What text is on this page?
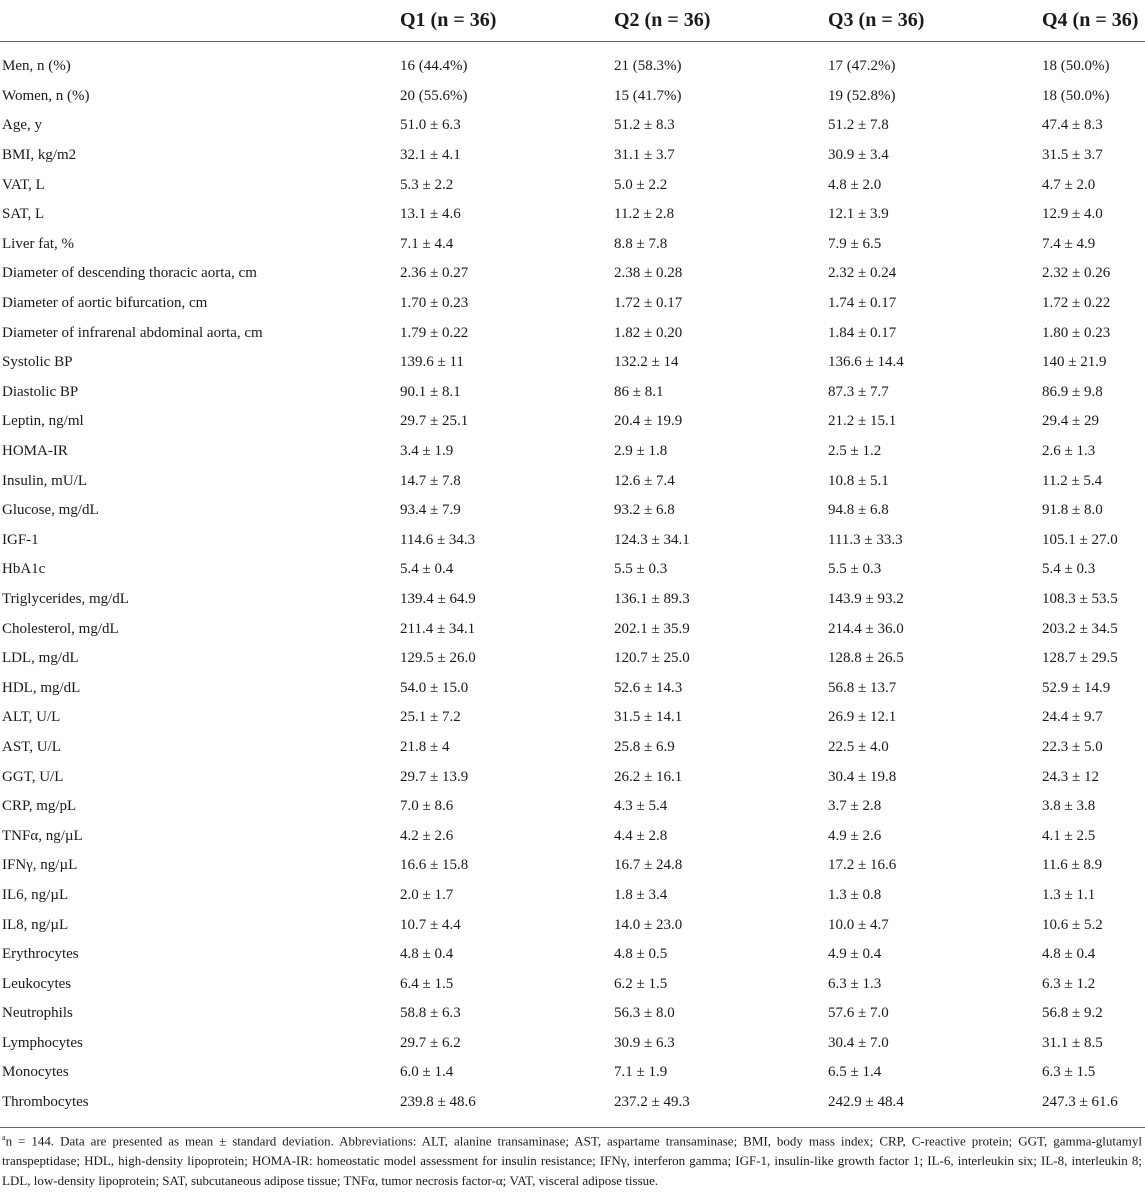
	Q1 (n = 36)	Q2 (n = 36)	Q3 (n = 36)	Q4 (n = 36)
Men, n (%)	16 (44.4%)	21 (58.3%)	17 (47.2%)	18 (50.0%)
Women, n (%)	20 (55.6%)	15 (41.7%)	19 (52.8%)	18 (50.0%)
Age, y	51.0 ± 6.3	51.2 ± 8.3	51.2 ± 7.8	47.4 ± 8.3
BMI, kg/m2	32.1 ± 4.1	31.1 ± 3.7	30.9 ± 3.4	31.5 ± 3.7
VAT, L	5.3 ± 2.2	5.0 ± 2.2	4.8 ± 2.0	4.7 ± 2.0
SAT, L	13.1 ± 4.6	11.2 ± 2.8	12.1 ± 3.9	12.9 ± 4.0
Liver fat, %	7.1 ± 4.4	8.8 ± 7.8	7.9 ± 6.5	7.4 ± 4.9
Diameter of descending thoracic aorta, cm	2.36 ± 0.27	2.38 ± 0.28	2.32 ± 0.24	2.32 ± 0.26
Diameter of aortic bifurcation, cm	1.70 ± 0.23	1.72 ± 0.17	1.74 ± 0.17	1.72 ± 0.22
Diameter of infrarenal abdominal aorta, cm	1.79 ± 0.22	1.82 ± 0.20	1.84 ± 0.17	1.80 ± 0.23
Systolic BP	139.6 ± 11	132.2 ± 14	136.6 ± 14.4	140 ± 21.9
Diastolic BP	90.1 ± 8.1	86 ± 8.1	87.3 ± 7.7	86.9 ± 9.8
Leptin, ng/ml	29.7 ± 25.1	20.4 ± 19.9	21.2 ± 15.1	29.4 ± 29
HOMA-IR	3.4 ± 1.9	2.9 ± 1.8	2.5 ± 1.2	2.6 ± 1.3
Insulin, mU/L	14.7 ± 7.8	12.6 ± 7.4	10.8 ± 5.1	11.2 ± 5.4
Glucose, mg/dL	93.4 ± 7.9	93.2 ± 6.8	94.8 ± 6.8	91.8 ± 8.0
IGF-1	114.6 ± 34.3	124.3 ± 34.1	111.3 ± 33.3	105.1 ± 27.0
HbA1c	5.4 ± 0.4	5.5 ± 0.3	5.5 ± 0.3	5.4 ± 0.3
Triglycerides, mg/dL	139.4 ± 64.9	136.1 ± 89.3	143.9 ± 93.2	108.3 ± 53.5
Cholesterol, mg/dL	211.4 ± 34.1	202.1 ± 35.9	214.4 ± 36.0	203.2 ± 34.5
LDL, mg/dL	129.5 ± 26.0	120.7 ± 25.0	128.8 ± 26.5	128.7 ± 29.5
HDL, mg/dL	54.0 ± 15.0	52.6 ± 14.3	56.8 ± 13.7	52.9 ± 14.9
ALT, U/L	25.1 ± 7.2	31.5 ± 14.1	26.9 ± 12.1	24.4 ± 9.7
AST, U/L	21.8 ± 4	25.8 ± 6.9	22.5 ± 4.0	22.3 ± 5.0
GGT, U/L	29.7 ± 13.9	26.2 ± 16.1	30.4 ± 19.8	24.3 ± 12
CRP, mg/pL	7.0 ± 8.6	4.3 ± 5.4	3.7 ± 2.8	3.8 ± 3.8
TNFα, ng/µL	4.2 ± 2.6	4.4 ± 2.8	4.9 ± 2.6	4.1 ± 2.5
IFNγ, ng/µL	16.6 ± 15.8	16.7 ± 24.8	17.2 ± 16.6	11.6 ± 8.9
IL6, ng/µL	2.0 ± 1.7	1.8 ± 3.4	1.3 ± 0.8	1.3 ± 1.1
IL8, ng/µL	10.7 ± 4.4	14.0 ± 23.0	10.0 ± 4.7	10.6 ± 5.2
Erythrocytes	4.8 ± 0.4	4.8 ± 0.5	4.9 ± 0.4	4.8 ± 0.4
Leukocytes	6.4 ± 1.5	6.2 ± 1.5	6.3 ± 1.3	6.3 ± 1.2
Neutrophils	58.8 ± 6.3	56.3 ± 8.0	57.6 ± 7.0	56.8 ± 9.2
Lymphocytes	29.7 ± 6.2	30.9 ± 6.3	30.4 ± 7.0	31.1 ± 8.5
Monocytes	6.0 ± 1.4	7.1 ± 1.9	6.5 ± 1.4	6.3 ± 1.5
Thrombocytes	239.8 ± 48.6	237.2 ± 49.3	242.9 ± 48.4	247.3 ± 61.6
$^a$n = 144. Data are presented as mean ± standard deviation. Abbreviations: ALT, alanine transaminase; AST, aspartame transaminase; BMI, body mass index; CRP, C-reactive protein; GGT, gamma-glutamyl transpeptidase; HDL, high-density lipoprotein; HOMA-IR: homeostatic model assessment for insulin resistance; IFNγ, interferon gamma; IGF-1, insulin-like growth factor 1; IL-6, interleukin six; IL-8, interleukin 8; LDL, low-density lipoprotein; SAT, subcutaneous adipose tissue; TNFα, tumor necrosis factor-α; VAT, visceral adipose tissue.
